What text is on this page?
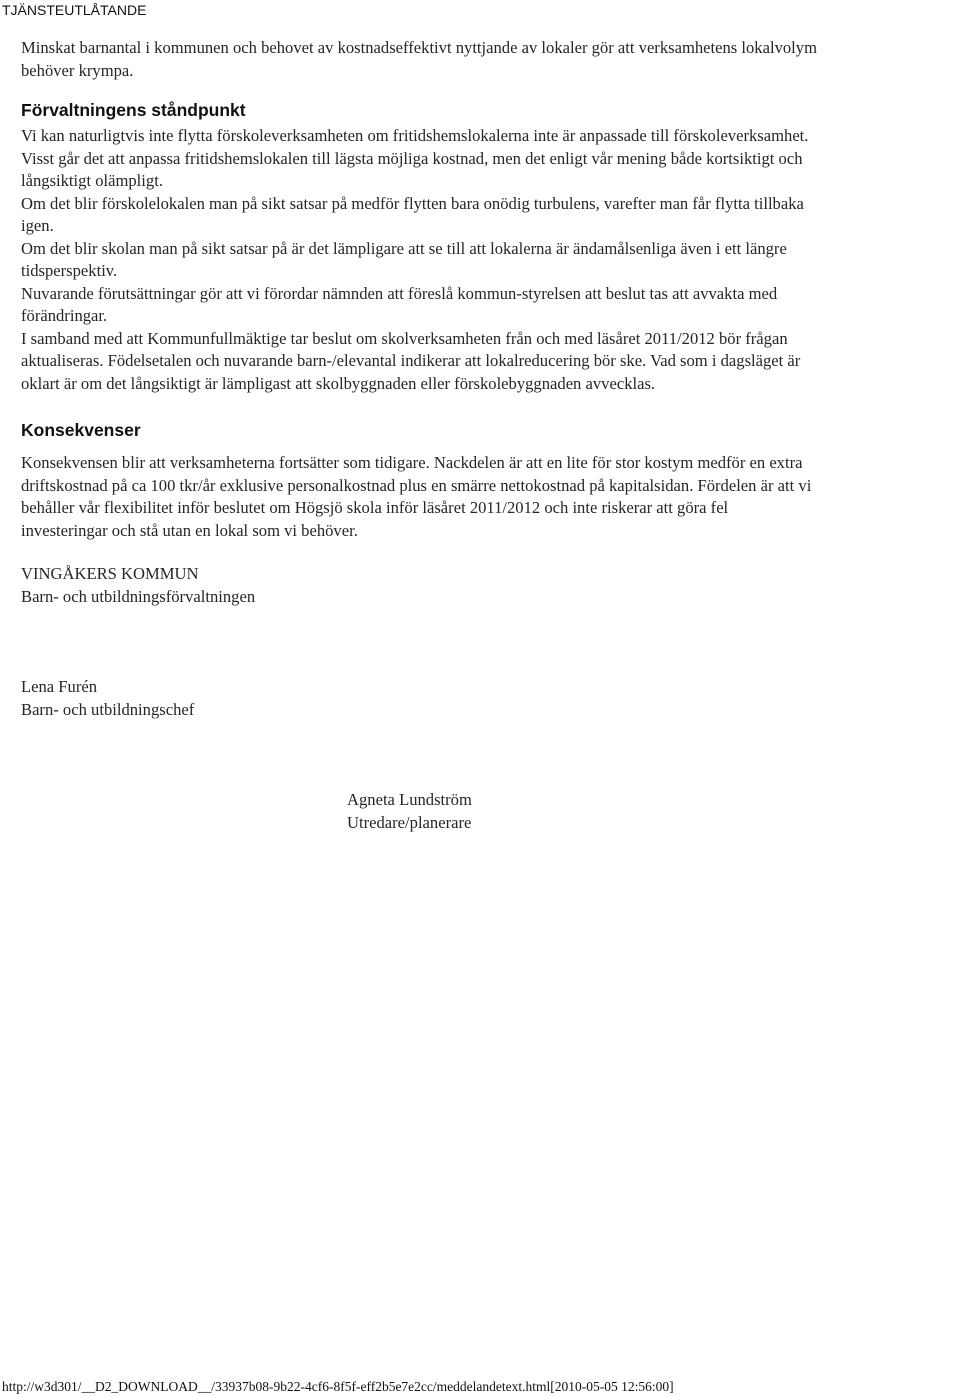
TJÄNSTEUTLÅTANDE
Minskat barnantal i kommunen och behovet av kostnadseffektivt nyttjande av lokaler gör att verksamhetens lokalvolym
behöver krympa.
Förvaltningens ståndpunkt
Vi kan naturligtvis inte flytta förskoleverksamheten om fritidshemslokalerna inte är anpassade till förskoleverksamhet.
Visst går det att anpassa fritidshemslokalen till lägsta möjliga kostnad, men det enligt vår mening både kortsiktigt och
långsiktigt olämpligt.
Om det blir förskolelokalen man på sikt satsar på medför flytten bara onödig turbulens, varefter man får flytta tillbaka
igen.
Om det blir skolan man på sikt satsar på är det lämpligare att se till att lokalerna är ändamålsenliga även i ett längre
tidsperspektiv.
Nuvarande förutsättningar gör att vi förordar nämnden att föreslå kommun-styrelsen att beslut tas att avvakta med
förändringar.
I samband med att Kommunfullmäktige tar beslut om skolverksamheten från och med läsåret 2011/2012 bör frågan
aktualiseras. Födelsetalen och nuvarande barn-/elevantal indikerar att lokalreducering bör ske. Vad som i dagsläget är
oklart är om det långsiktigt är lämpligast att skolbyggnaden eller förskolebyggnaden avvecklas.
Konsekvenser
Konsekvensen blir att verksamheterna fortsätter som tidigare. Nackdelen är att en lite för stor kostym medför en extra
driftskostnad på ca 100 tkr/år exklusive personalkostnad plus en smärre nettokostnad på kapitalsidan. Fördelen är att vi
behåller vår flexibilitet inför beslutet om Högsjö skola inför läsåret 2011/2012 och inte riskerar att göra fel
investeringar och stå utan en lokal som vi behöver.
VINGÅKERS KOMMUN
Barn- och utbildningsförvaltningen
Lena Furén
Barn- och utbildningschef
Agneta Lundström
Utredare/planerare
http://w3d301/__D2_DOWNLOAD__/33937b08-9b22-4cf6-8f5f-eff2b5e7e2cc/meddelandetext.html[2010-05-05 12:56:00]
